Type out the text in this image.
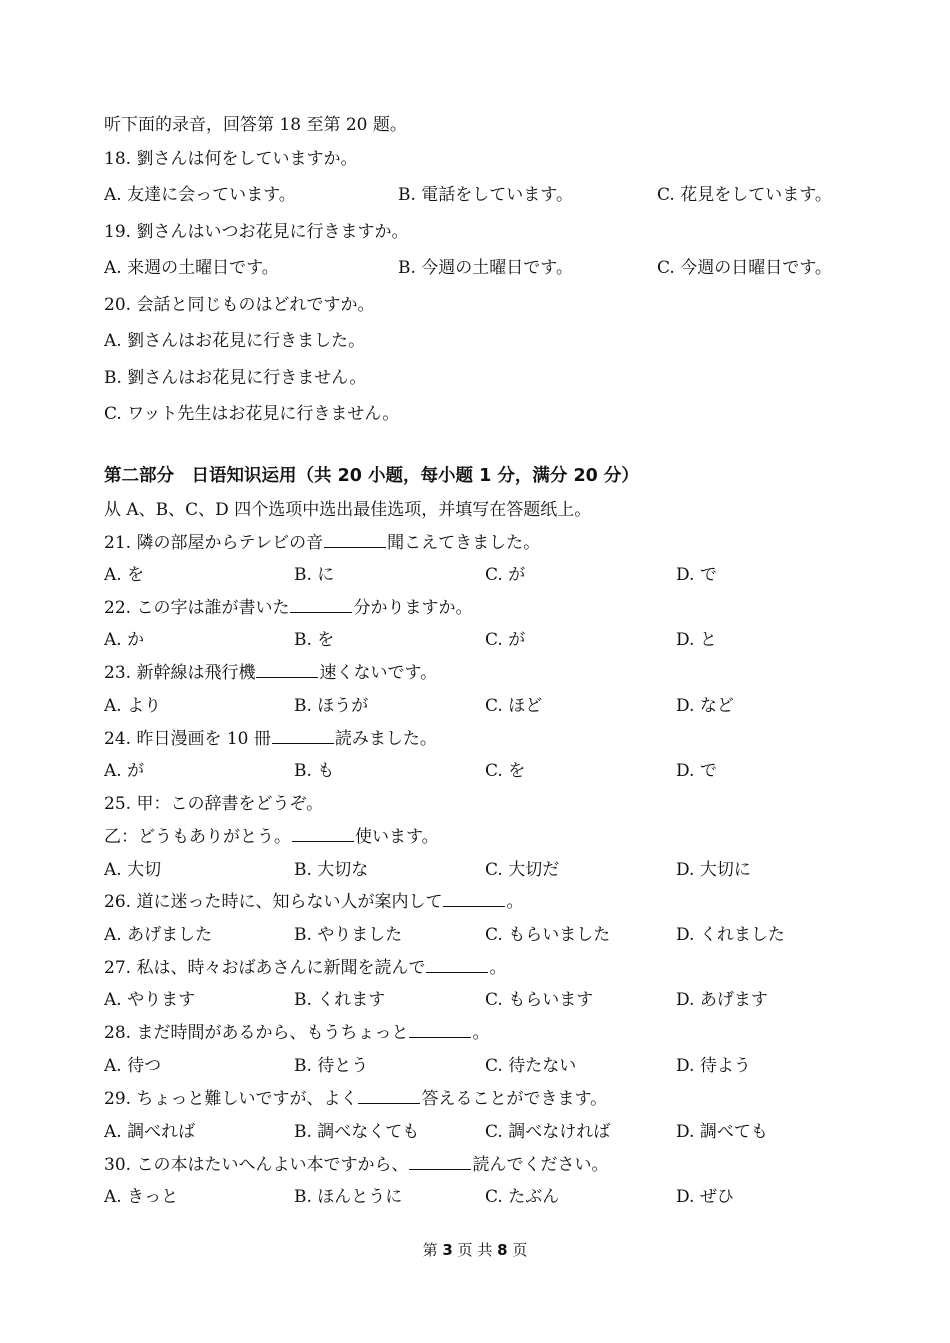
听下面的录音，回答第 18 至第 20 题。
18. 劉さんは何をしていますか。
A. 友達に会っています。	B. 電話をしています。	C. 花見をしています。
19. 劉さんはいつお花見に行きますか。
A. 来週の土曜日です。	B. 今週の土曜日です。	C. 今週の日曜日です。
20. 会話と同じものはどれですか。
A. 劉さんはお花見に行きました。
B. 劉さんはお花見に行きません。
C. ワット先生はお花見に行きません。
第二部分　日语知识运用（共 20 小题，每小题 1 分，满分 20 分）
从 A、B、C、D 四个选项中选出最佳选项，并填写在答题纸上。
21. 隣の部屋からテレビの音	聞こえてきました。
A. を	B. に	C. が	D. で
22. この字は誰が書いた	分かりますか。
A. か	B. を	C. が	D. と
23. 新幹線は飛行機	速くないです。
A. より	B. ほうが	C. ほど	D. など
24. 昨日漫画を 10 冊	読みました。
A. が	B. も	C. を	D. で
25. 甲：この辞書をどうぞ。
乙：どうもありがとう。	使います。
A. 大切	B. 大切な	C. 大切だ	D. 大切に
26. 道に迷った時に、知らない人が案内して	。
A. あげました	B. やりました	C. もらいました	D. くれました
27. 私は、時々おばあさんに新聞を読んで	。
A. やります	B. くれます	C. もらいます	D. あげます
28. まだ時間があるから、もうちょっと	。
A. 待つ	B. 待とう	C. 待たない	D. 待よう
29. ちょっと難しいですが、よく	答えることができます。
A. 調べれば	B. 調べなくても	C. 調べなければ	D. 調べても
30. この本はたいへんよい本ですから、	読んでください。
A. きっと	B. ほんとうに	C. たぶん	D. ぜひ
第 3 页 共 8 页
